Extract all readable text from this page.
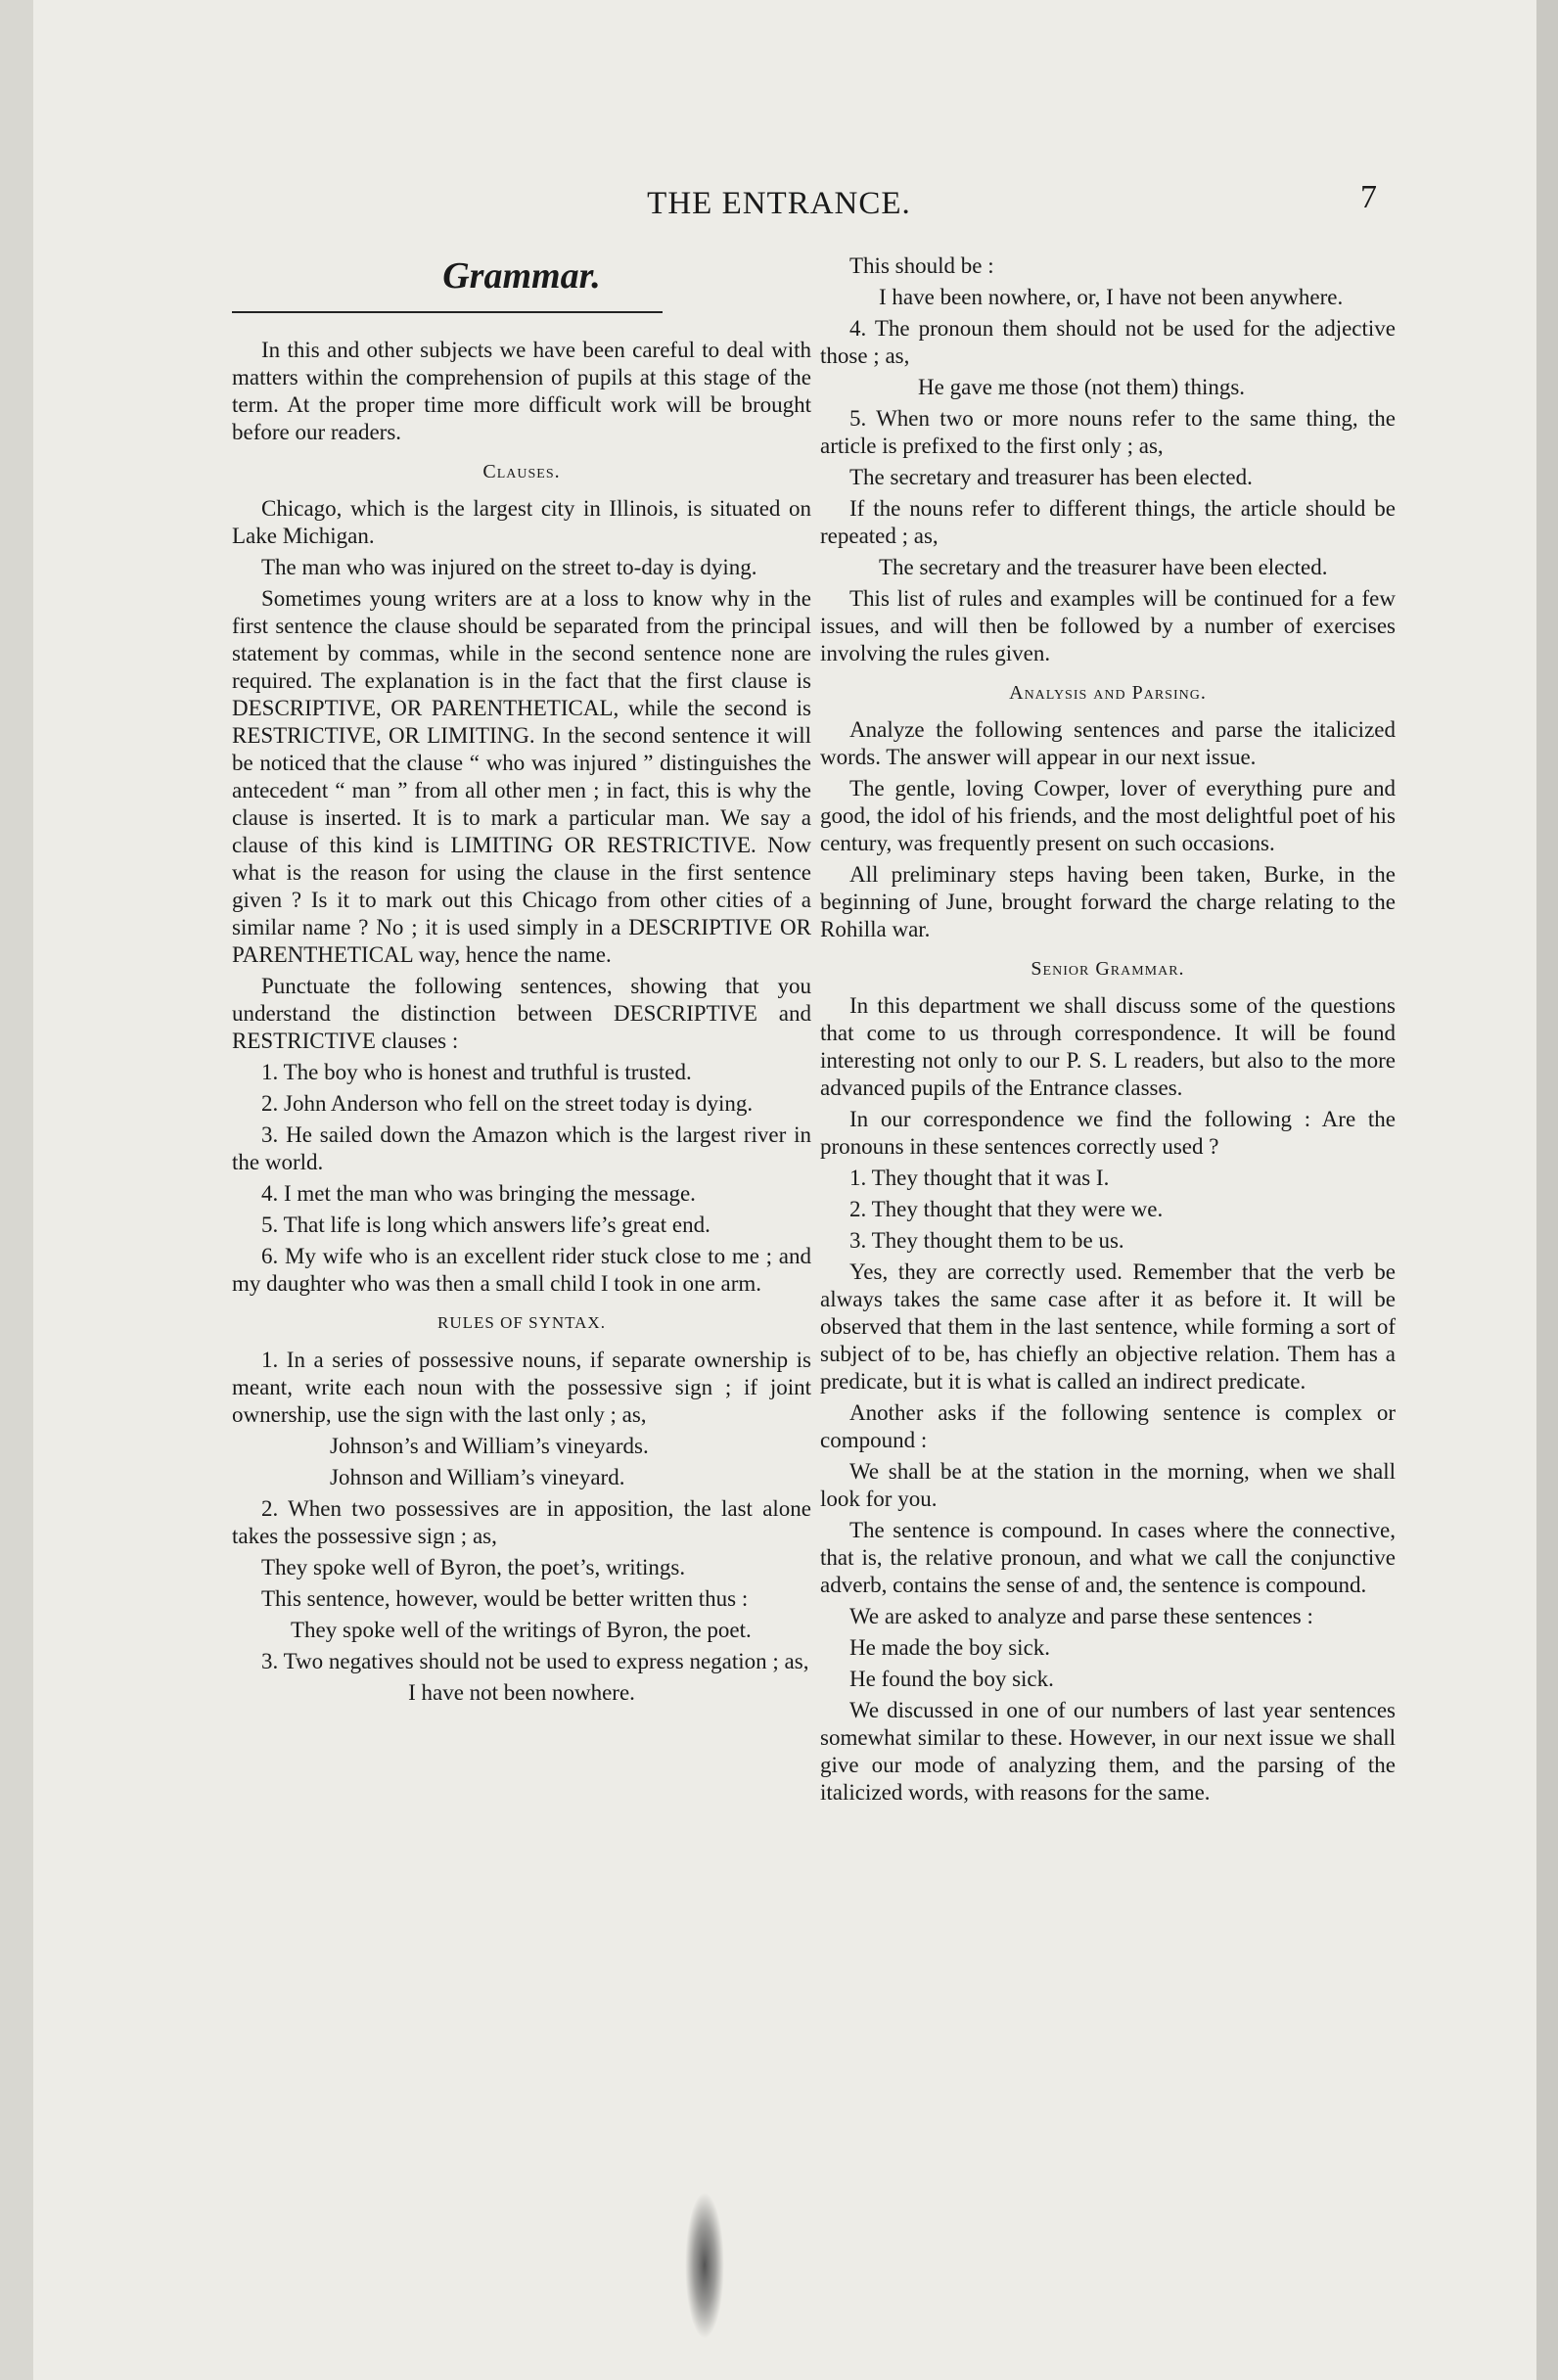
THE ENTRANCE.	7
Grammar.

In this and other subjects we have been careful to deal with matters within the comprehension of pupils at this stage of the term. At the proper time more difficult work will be brought before our readers.

Clauses.

Chicago, which is the largest city in Illinois, is situated on Lake Michigan.

The man who was injured on the street to-day is dying.

Sometimes young writers are at a loss to know why in the first sentence the clause should be separated from the principal statement by commas, while in the second sentence none are required. The explanation is in the fact that the first clause is DESCRIPTIVE, OR PARENTHETICAL, while the second is RESTRICTIVE, OR LIMITING. In the second sentence it will be noticed that the clause “ who was injured ” distinguishes the antecedent “ man ” from all other men ; in fact, this is why the clause is inserted. It is to mark a particular man. We say a clause of this kind is LIMITING OR RESTRICTIVE. Now what is the reason for using the clause in the first sentence given ? Is it to mark out this Chicago from other cities of a similar name ? No ; it is used simply in a DESCRIPTIVE OR PARENTHETICAL way, hence the name.

Punctuate the following sentences, showing that you understand the distinction between DESCRIPTIVE and RESTRICTIVE clauses :

1. The boy who is honest and truthful is trusted.

2. John Anderson who fell on the street today is dying.

3. He sailed down the Amazon which is the largest river in the world.

4. I met the man who was bringing the message.

5. That life is long which answers life’s great end.

6. My wife who is an excellent rider stuck close to me ; and my daughter who was then a small child I took in one arm.

RULES OF SYNTAX.

1. In a series of possessive nouns, if separate ownership is meant, write each noun with the possessive sign ; if joint ownership, use the sign with the last only ; as,

Johnson’s and William’s vineyards.

Johnson and William’s vineyard.

2. When two possessives are in apposition, the last alone takes the possessive sign ; as,

They spoke well of Byron, the poet’s, writings.

This sentence, however, would be better written thus :

They spoke well of the writings of Byron, the poet.

3. Two negatives should not be used to express negation ; as,

I have not been nowhere.

This should be :

I have been nowhere, or, I have not been anywhere.

4. The pronoun them should not be used for the adjective those ; as,

He gave me those (not them) things.

5. When two or more nouns refer to the same thing, the article is prefixed to the first only ; as,

The secretary and treasurer has been elected.

If the nouns refer to different things, the article should be repeated ; as,

The secretary and the treasurer have been elected.

This list of rules and examples will be continued for a few issues, and will then be followed by a number of exercises involving the rules given.

Analysis and Parsing.

Analyze the following sentences and parse the italicized words. The answer will appear in our next issue.

The gentle, loving Cowper, lover of everything pure and good, the idol of his friends, and the most delightful poet of his century, was frequently present on such occasions.

All preliminary steps having been taken, Burke, in the beginning of June, brought forward the charge relating to the Rohilla war.

Senior Grammar.

In this department we shall discuss some of the questions that come to us through correspondence. It will be found interesting not only to our P. S. L readers, but also to the more advanced pupils of the Entrance classes.

In our correspondence we find the following : Are the pronouns in these sentences correctly used ?

1. They thought that it was I.

2. They thought that they were we.

3. They thought them to be us.

Yes, they are correctly used. Remember that the verb be always takes the same case after it as before it. It will be observed that them in the last sentence, while forming a sort of subject of to be, has chiefly an objective relation. Them has a predicate, but it is what is called an indirect predicate.

Another asks if the following sentence is complex or compound :

We shall be at the station in the morning, when we shall look for you.

The sentence is compound. In cases where the connective, that is, the relative pronoun, and what we call the conjunctive adverb, contains the sense of and, the sentence is compound.

We are asked to analyze and parse these sentences :

He made the boy sick.

He found the boy sick.

We discussed in one of our numbers of last year sentences somewhat similar to these. However, in our next issue we shall give our mode of analyzing them, and the parsing of the italicized words, with reasons for the same.
